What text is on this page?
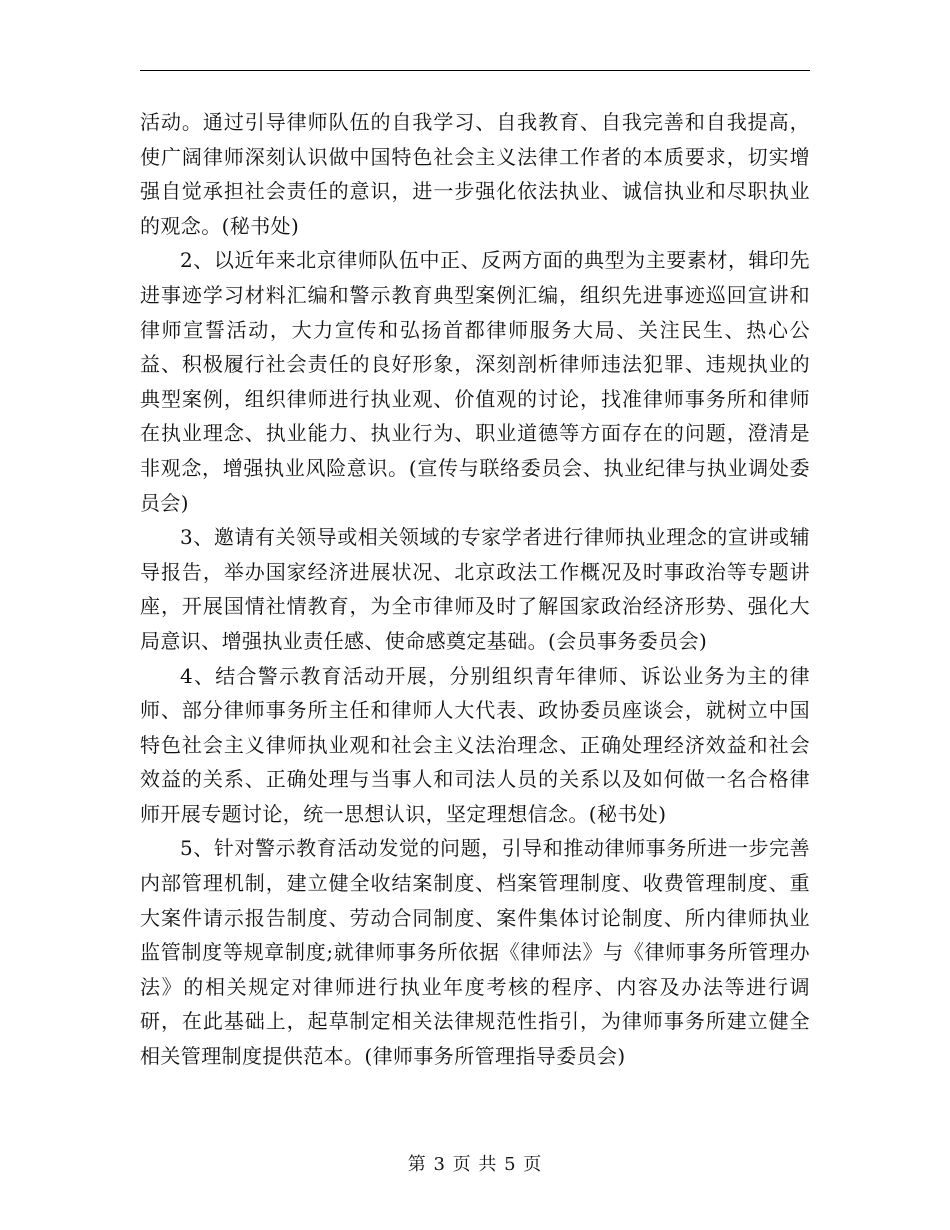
活动。通过引导律师队伍的自我学习、自我教育、自我完善和自我提高，使广阔律师深刻认识做中国特色社会主义法律工作者的本质要求，切实增强自觉承担社会责任的意识，进一步强化依法执业、诚信执业和尽职执业的观念。(秘书处)

2、以近年来北京律师队伍中正、反两方面的典型为主要素材，辑印先进事迹学习材料汇编和警示教育典型案例汇编，组织先进事迹巡回宣讲和律师宣誓活动，大力宣传和弘扬首都律师服务大局、关注民生、热心公益、积极履行社会责任的良好形象，深刻剖析律师违法犯罪、违规执业的典型案例，组织律师进行执业观、价值观的讨论，找准律师事务所和律师在执业理念、执业能力、执业行为、职业道德等方面存在的问题，澄清是非观念，增强执业风险意识。(宣传与联络委员会、执业纪律与执业调处委员会)

3、邀请有关领导或相关领域的专家学者进行律师执业理念的宣讲或辅导报告，举办国家经济进展状况、北京政法工作概况及时事政治等专题讲座，开展国情社情教育，为全市律师及时了解国家政治经济形势、强化大局意识、增强执业责任感、使命感奠定基础。(会员事务委员会)

4、结合警示教育活动开展，分别组织青年律师、诉讼业务为主的律师、部分律师事务所主任和律师人大代表、政协委员座谈会，就树立中国特色社会主义律师执业观和社会主义法治理念、正确处理经济效益和社会效益的关系、正确处理与当事人和司法人员的关系以及如何做一名合格律师开展专题讨论，统一思想认识，坚定理想信念。(秘书处)

5、针对警示教育活动发觉的问题，引导和推动律师事务所进一步完善内部管理机制，建立健全收结案制度、档案管理制度、收费管理制度、重大案件请示报告制度、劳动合同制度、案件集体讨论制度、所内律师执业监管制度等规章制度;就律师事务所依据《律师法》与《律师事务所管理办法》的相关规定对律师进行执业年度考核的程序、内容及办法等进行调研，在此基础上，起草制定相关法律规范性指引，为律师事务所建立健全相关管理制度提供范本。(律师事务所管理指导委员会)

第 3 页 共 5 页
